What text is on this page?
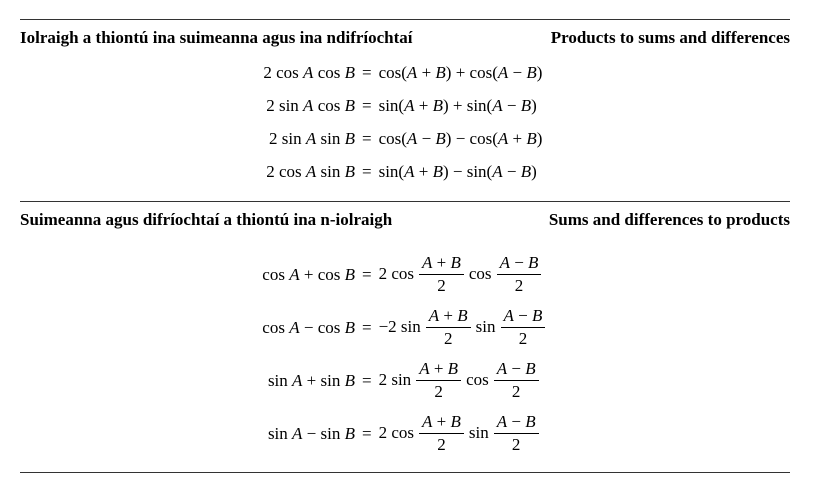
Iolraigh a thiontú ina suimeanna agus ina ndifríochtaí	Products to sums and differences
2 cos A cos B = cos(A + B) + cos(A − B)
2 sin A cos B = sin(A + B) + sin(A − B)
2 sin A sin B = cos(A − B) − cos(A + B)
2 cos A sin B = sin(A + B) − sin(A − B)
Suimeanna agus difríochtaí a thiontú ina n-iolraigh	Sums and differences to products
cos A + cos B = 2 $\cos \frac{A + B}{2}$ $\cos \frac{A - B}{2}$
cos A − cos B = −2 $\sin \frac{A + B}{2}$ $\sin \frac{A - B}{2}$
sin A + sin B = 2 $\sin \frac{A + B}{2}$ $\cos \frac{A - B}{2}$
sin A − sin B = 2 $\cos \frac{A + B}{2}$ $\sin \frac{A - B}{2}$
